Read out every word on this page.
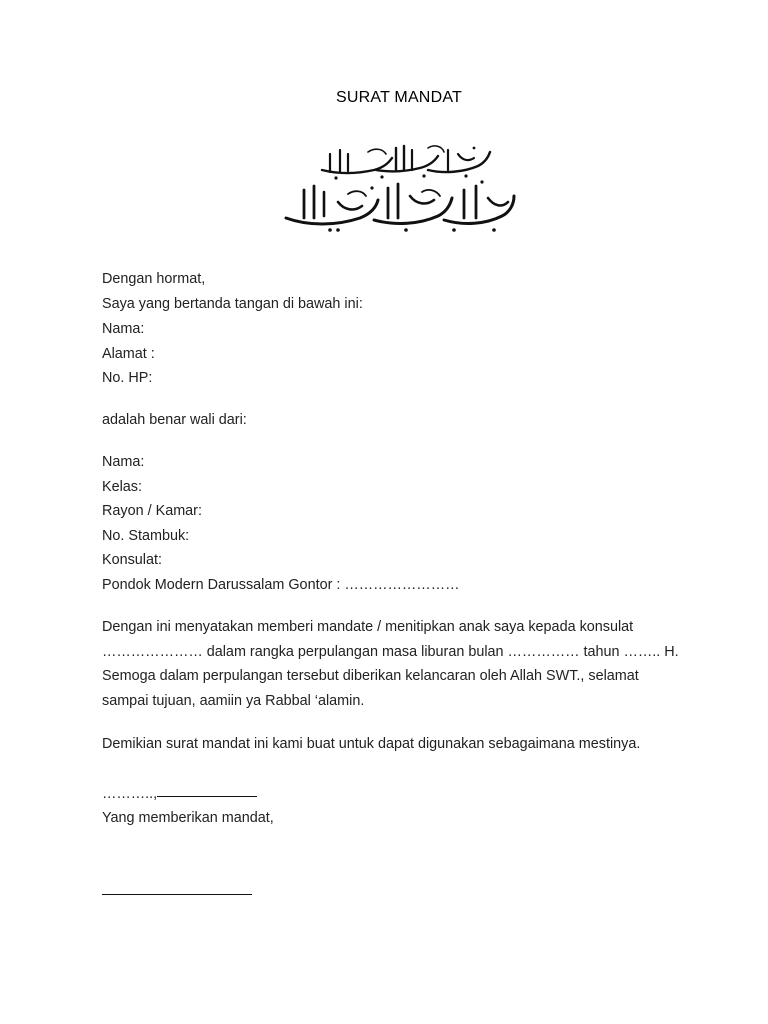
SURAT MANDAT
Dengan hormat,
Saya yang bertanda tangan di bawah ini:
Nama:
Alamat :
No. HP:
adalah benar wali dari:
Nama:
Kelas:
Rayon / Kamar:
No. Stambuk:
Konsulat:
Pondok Modern Darussalam Gontor : ……………………
Dengan ini menyatakan memberi mandate / menitipkan anak saya kepada konsulat
………………… dalam rangka perpulangan masa liburan bulan …………… tahun …….. H.
Semoga dalam perpulangan tersebut diberikan kelancaran oleh Allah SWT., selamat
sampai tujuan, aamiin ya Rabbal ‘alamin.
Demikian surat mandat ini kami buat untuk dapat digunakan sebagaimana mestinya.
………..,
Yang memberikan mandat,
